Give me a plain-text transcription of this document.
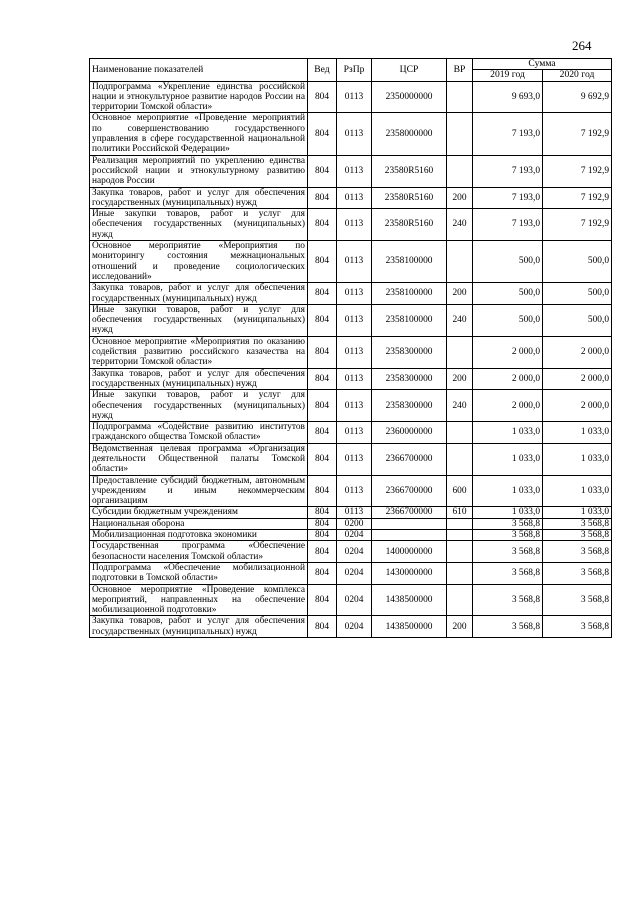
264
Наименование показателей	Вед	РзПр	ЦСР	ВР	Сумма	
					2019 год	2020 год
Подпрограмма «Укрепление единства российской нации и этнокультурное развитие народов России на территории Томской области»	804	0113	2350000000		9 693,0	9 692,9
Основное мероприятие «Проведение мероприятий по совершенствованию государственного управления в сфере государственной национальной политики Российской Федерации»	804	0113	2358000000		7 193,0	7 192,9
Реализация мероприятий по укреплению единства российской нации и этнокультурному развитию народов России	804	0113	23580R5160		7 193,0	7 192,9
Закупка товаров, работ и услуг для обеспечения государственных (муниципальных) нужд	804	0113	23580R5160	200	7 193,0	7 192,9
Иные закупки товаров, работ и услуг для обеспечения государственных (муниципальных) нужд	804	0113	23580R5160	240	7 193,0	7 192,9
Основное мероприятие «Мероприятия по мониторингу состояния межнациональных отношений и проведение социологических исследований»	804	0113	2358100000		500,0	500,0
Закупка товаров, работ и услуг для обеспечения государственных (муниципальных) нужд	804	0113	2358100000	200	500,0	500,0
Иные закупки товаров, работ и услуг для обеспечения государственных (муниципальных) нужд	804	0113	2358100000	240	500,0	500,0
Основное мероприятие «Мероприятия по оказанию содействия развитию российского казачества на территории Томской области»	804	0113	2358300000		2 000,0	2 000,0
Закупка товаров, работ и услуг для обеспечения государственных (муниципальных) нужд	804	0113	2358300000	200	2 000,0	2 000,0
Иные закупки товаров, работ и услуг для обеспечения государственных (муниципальных) нужд	804	0113	2358300000	240	2 000,0	2 000,0
Подпрограмма «Содействие развитию институтов гражданского общества Томской области»	804	0113	2360000000		1 033,0	1 033,0
Ведомственная целевая программа «Организация деятельности Общественной палаты Томской области»	804	0113	2366700000		1 033,0	1 033,0
Предоставление субсидий бюджетным, автономным учреждениям и иным некоммерческим организациям	804	0113	2366700000	600	1 033,0	1 033,0
Субсидии бюджетным учреждениям	804	0113	2366700000	610	1 033,0	1 033,0
Национальная оборона	804	0200			3 568,8	3 568,8
Мобилизационная подготовка экономики	804	0204			3 568,8	3 568,8
Государственная программа «Обеспечение безопасности населения Томской области»	804	0204	1400000000		3 568,8	3 568,8
Подпрограмма «Обеспечение мобилизационной подготовки в Томской области»	804	0204	1430000000		3 568,8	3 568,8
Основное мероприятие «Проведение комплекса мероприятий, направленных на обеспечение мобилизационной подготовки»	804	0204	1438500000		3 568,8	3 568,8
Закупка товаров, работ и услуг для обеспечения государственных (муниципальных) нужд	804	0204	1438500000	200	3 568,8	3 568,8
